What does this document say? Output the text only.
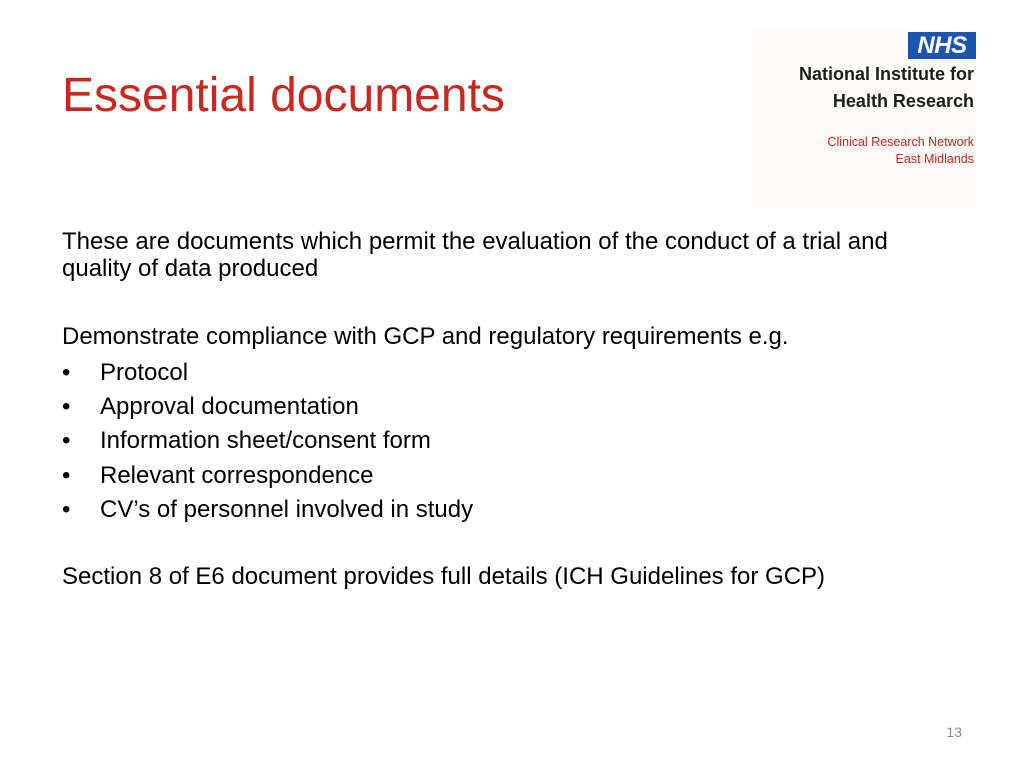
Essential documents
NHS
National Institute for
Health Research
Clinical Research Network
East Midlands

These are documents which permit the evaluation of the conduct of a trial and quality of data produced

Demonstrate compliance with GCP and regulatory requirements e.g.

•	Protocol
•	Approval documentation
•	Information sheet/consent form
•	Relevant correspondence
•	CV’s of personnel involved in study

Section 8 of E6 document provides full details (ICH Guidelines for GCP)

13
